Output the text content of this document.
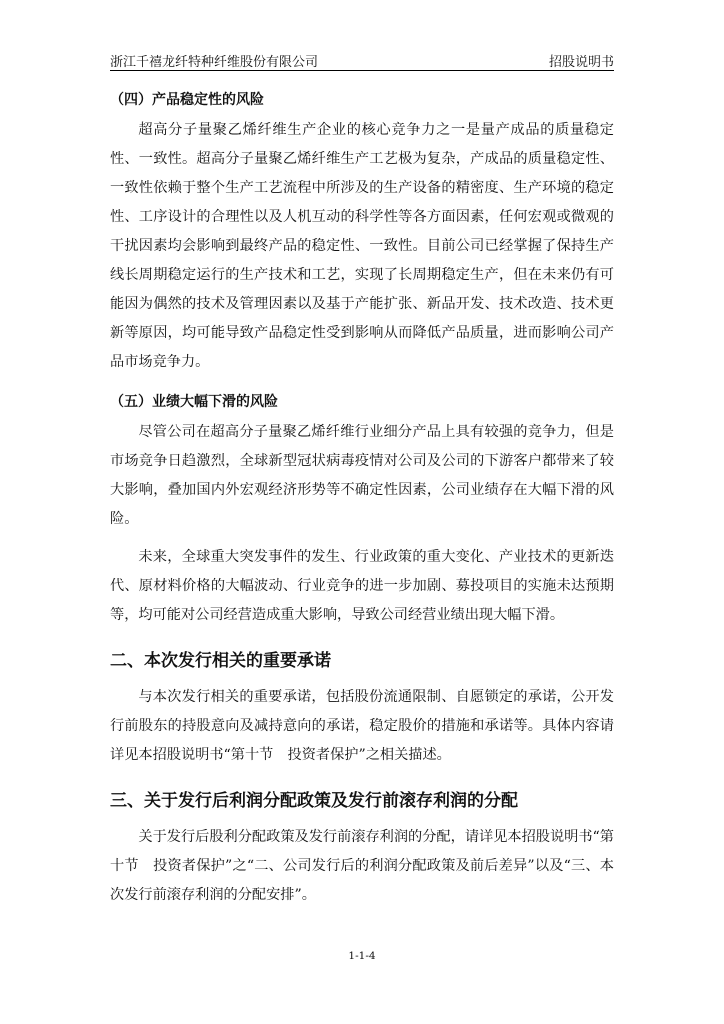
浙江千禧龙纤特种纤维股份有限公司	招股说明书
（四）产品稳定性的风险

超高分子量聚乙烯纤维生产企业的核心竞争力之一是量产成品的质量稳定性、一致性。超高分子量聚乙烯纤维生产工艺极为复杂，产成品的质量稳定性、一致性依赖于整个生产工艺流程中所涉及的生产设备的精密度、生产环境的稳定性、工序设计的合理性以及人机互动的科学性等各方面因素，任何宏观或微观的干扰因素均会影响到最终产品的稳定性、一致性。目前公司已经掌握了保持生产线长周期稳定运行的生产技术和工艺，实现了长周期稳定生产，但在未来仍有可能因为偶然的技术及管理因素以及基于产能扩张、新品开发、技术改造、技术更新等原因，均可能导致产品稳定性受到影响从而降低产品质量，进而影响公司产品市场竞争力。

（五）业绩大幅下滑的风险

尽管公司在超高分子量聚乙烯纤维行业细分产品上具有较强的竞争力，但是市场竞争日趋激烈，全球新型冠状病毒疫情对公司及公司的下游客户都带来了较大影响，叠加国内外宏观经济形势等不确定性因素，公司业绩存在大幅下滑的风险。

未来，全球重大突发事件的发生、行业政策的重大变化、产业技术的更新迭代、原材料价格的大幅波动、行业竞争的进一步加剧、募投项目的实施未达预期等，均可能对公司经营造成重大影响，导致公司经营业绩出现大幅下滑。

二、本次发行相关的重要承诺

与本次发行相关的重要承诺，包括股份流通限制、自愿锁定的承诺，公开发行前股东的持股意向及减持意向的承诺，稳定股价的措施和承诺等。具体内容请详见本招股说明书“第十节　投资者保护”之相关描述。

三、关于发行后利润分配政策及发行前滚存利润的分配

关于发行后股利分配政策及发行前滚存利润的分配，请详见本招股说明书“第十节　投资者保护”之“二、公司发行后的利润分配政策及前后差异”以及“三、本次发行前滚存利润的分配安排”。

1-1-4
